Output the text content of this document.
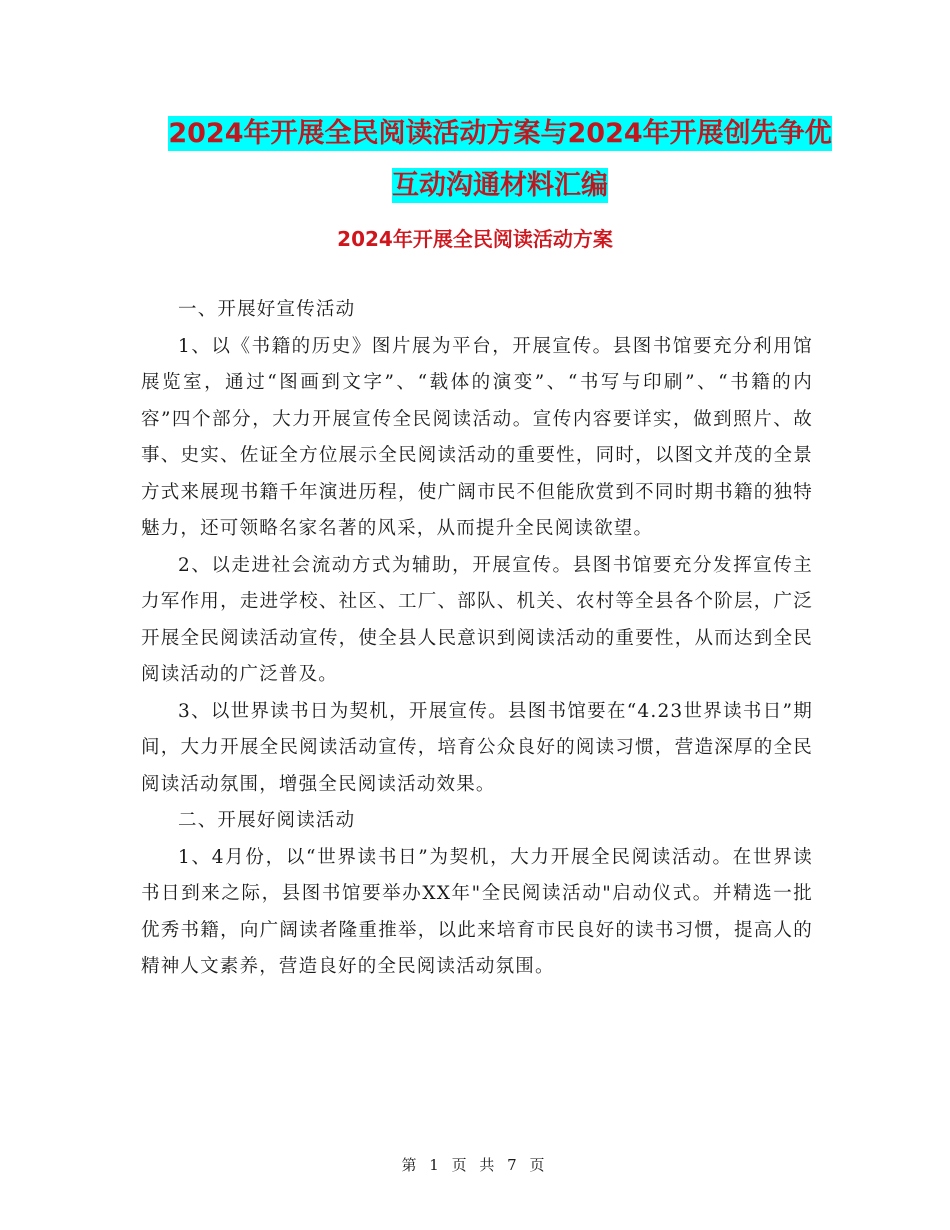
2024年开展全民阅读活动方案与2024年开展创先争优
互动沟通材料汇编
2024年开展全民阅读活动方案

一、开展好宣传活动

1、以《书籍的历史》图片展为平台，开展宣传。县图书馆要充分利用馆展览室，通过“图画到文字”、“载体的演变”、“书写与印刷”、“书籍的内容”四个部分，大力开展宣传全民阅读活动。宣传内容要详实，做到照片、故事、史实、佐证全方位展示全民阅读活动的重要性，同时，以图文并茂的全景方式来展现书籍千年演进历程，使广阔市民不但能欣赏到不同时期书籍的独特魅力，还可领略名家名著的风采，从而提升全民阅读欲望。

2、以走进社会流动方式为辅助，开展宣传。县图书馆要充分发挥宣传主力军作用，走进学校、社区、工厂、部队、机关、农村等全县各个阶层，广泛开展全民阅读活动宣传，使全县人民意识到阅读活动的重要性，从而达到全民阅读活动的广泛普及。

3、以世界读书日为契机，开展宣传。县图书馆要在“4.23世界读书日”期间，大力开展全民阅读活动宣传，培育公众良好的阅读习惯，营造深厚的全民阅读活动氛围，增强全民阅读活动效果。

二、开展好阅读活动

1、4月份，以“世界读书日”为契机，大力开展全民阅读活动。在世界读书日到来之际，县图书馆要举办XX年"全民阅读活动"启动仪式。并精选一批优秀书籍，向广阔读者隆重推举，以此来培育市民良好的读书习惯，提高人的精神人文素养，营造良好的全民阅读活动氛围。

第 1 页 共 7 页
